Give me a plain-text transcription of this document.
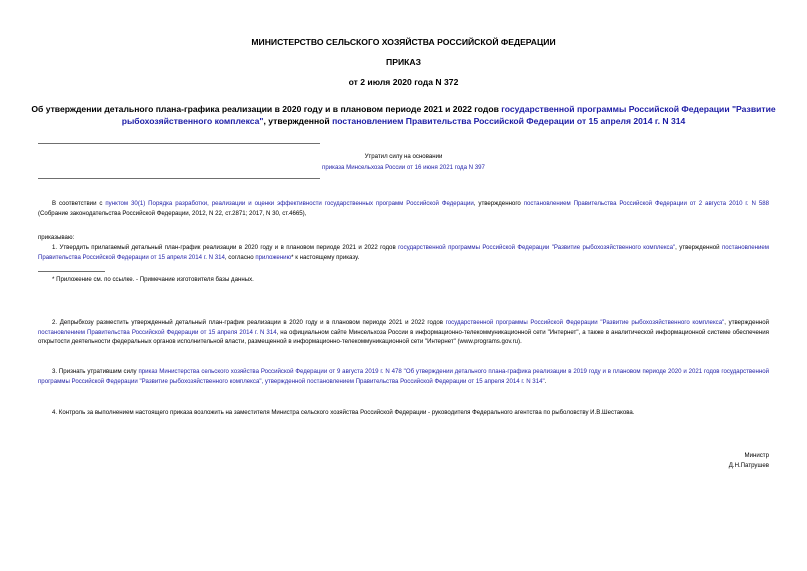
МИНИСТЕРСТВО СЕЛЬСКОГО ХОЗЯЙСТВА РОССИЙСКОЙ ФЕДЕРАЦИИ
ПРИКАЗ
от 2 июля 2020 года N 372
Об утверждении детального плана-графика реализации в 2020 году и в плановом периоде 2021 и 2022 годов государственной программы Российской Федерации "Развитие рыбохозяйственного комплекса", утвержденной постановлением Правительства Российской Федерации от 15 апреля 2014 г. N 314
Утратил силу на основании
приказа Минсельхоза России от 16 июня 2021 года N 397
В соответствии с пунктом 30(1) Порядка разработки, реализации и оценки эффективности государственных программ Российской Федерации, утвержденного постановлением Правительства Российской Федерации от 2 августа 2010 г. N 588 (Собрание законодательства Российской Федерации, 2012, N 22, ст.2871; 2017, N 30, ст.4665),
приказываю:
1. Утвердить прилагаемый детальный план-график реализации в 2020 году и в плановом периоде 2021 и 2022 годов государственной программы Российской Федерации "Развитие рыбохозяйственного комплекса", утвержденной постановлением Правительства Российской Федерации от 15 апреля 2014 г. N 314, согласно приложению* к настоящему приказу.
* Приложение см. по ссылке. - Примечание изготовителя базы данных.
2. Депрыбхозу разместить утвержденный детальный план-график реализации в 2020 году и в плановом периоде 2021 и 2022 годов государственной программы Российской Федерации "Развитие рыбохозяйственного комплекса", утвержденной постановлением Правительства Российской Федерации от 15 апреля 2014 г. N 314, на официальном сайте Минсельхоза России в информационно-телекоммуникационной сети "Интернет", а также в аналитической информационной системе обеспечения открытости деятельности федеральных органов исполнительной власти, размещенной в информационно-телекоммуникационной сети "Интернет" (www.programs.gov.ru).
3. Признать утратившим силу приказ Министерства сельского хозяйства Российской Федерации от 9 августа 2019 г. N 478 "Об утверждении детального плана-графика реализации в 2019 году и в плановом периоде 2020 и 2021 годов государственной программы Российской Федерации "Развитие рыбохозяйственного комплекса", утвержденной постановлением Правительства Российской Федерации от 15 апреля 2014 г. N 314".
4. Контроль за выполнением настоящего приказа возложить на заместителя Министра сельского хозяйства Российской Федерации - руководителя Федерального агентства по рыболовству И.В.Шестакова.
Министр
Д.Н.Патрушев
